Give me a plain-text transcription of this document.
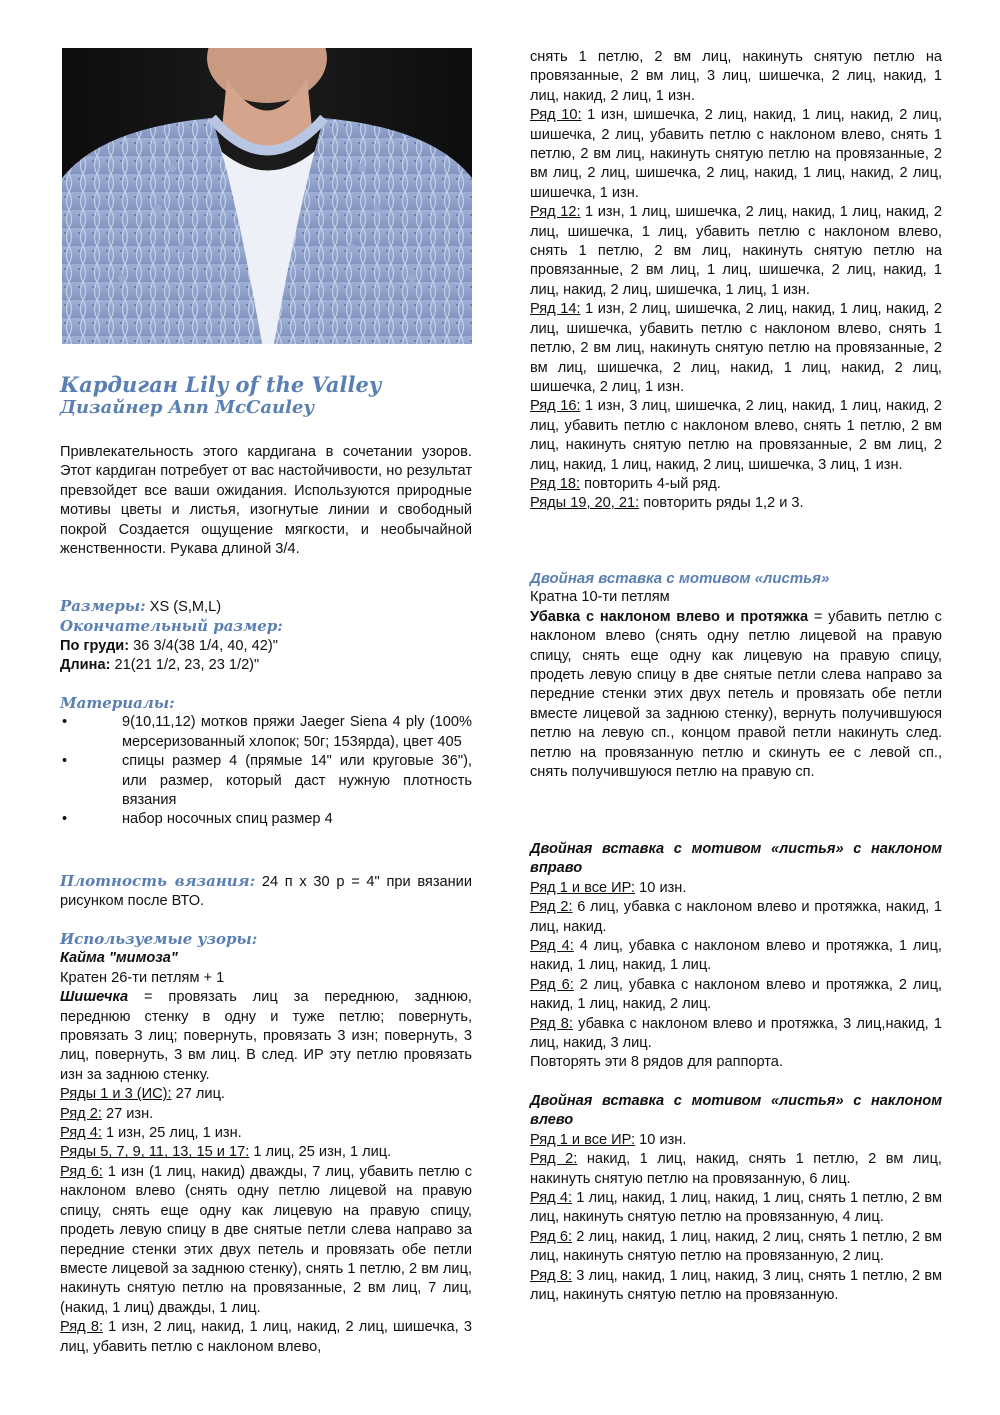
Кардиган Lily of the Valley
Дизайнер Ann McCauley

Привлекательность этого кардигана в сочетании узоров. Этот кардиган потребует от вас настойчивости, но результат превзойдет все ваши ожидания. Используются природные мотивы цветы и листья, изогнутые линии и свободный покрой Создается ощущение мягкости, и необычайной женственности. Рукава длиной 3/4.

Размеры: XS (S,M,L)
Окончательный размер:
По груди: 36 3/4(38 1/4, 40, 42)"
Длина: 21(21 1/2, 23, 23 1/2)"
Материалы:
• 9(10,11,12) мотков пряжи Jaeger Siena 4 ply (100% мерсеризованный хлопок; 50г; 153ярда), цвет 405
• спицы размер 4 (прямые 14" или круговые 36"), или размер, который даст нужную плотность вязания
• набор носочных спиц размер 4

Плотность вязания: 24 п х 30 р = 4" при вязании рисунком после ВТО.

Используемые узоры:
Кайма "мимоза"
Кратен 26-ти петлям + 1

Шишечка = провязать лиц за переднюю, заднюю, переднюю стенку в одну и туже петлю; повернуть, провязать 3 лиц; повернуть, провязать 3 изн; повернуть, 3 лиц, повернуть, 3 вм лиц. В след. ИР эту петлю провязать изн за заднюю стенку.

Ряды 1 и 3 (ИС): 27 лиц.

Ряд 2: 27 изн.

Ряд 4: 1 изн, 25 лиц, 1 изн.

Ряды 5, 7, 9, 11, 13, 15 и 17: 1 лиц, 25 изн, 1 лиц.

Ряд 6: 1 изн (1 лиц, накид) дважды, 7 лиц, убавить петлю с наклоном влево (снять одну петлю лицевой на правую спицу, снять еще одну как лицевую на правую спицу, продеть левую спицу в две снятые петли слева направо за передние стенки этих двух петель и провязать обе петли вместе лицевой за заднюю стенку), снять 1 петлю, 2 вм лиц, накинуть снятую петлю на провязанные, 2 вм лиц, 7 лиц, (накид, 1 лиц) дважды, 1 лиц.

Ряд 8: 1 изн, 2 лиц, накид, 1 лиц, накид, 2 лиц, шишечка, 3 лиц, убавить петлю с наклоном влево,

снять 1 петлю, 2 вм лиц, накинуть снятую петлю на провязанные, 2 вм лиц, 3 лиц, шишечка, 2 лиц, накид, 1 лиц, накид, 2 лиц, 1 изн.

Ряд 10: 1 изн, шишечка, 2 лиц, накид, 1 лиц, накид, 2 лиц, шишечка, 2 лиц, убавить петлю с наклоном влево, снять 1 петлю, 2 вм лиц, накинуть снятую петлю на провязанные, 2 вм лиц, 2 лиц, шишечка, 2 лиц, накид, 1 лиц, накид, 2 лиц, шишечка, 1 изн.

Ряд 12: 1 изн, 1 лиц, шишечка, 2 лиц, накид, 1 лиц, накид, 2 лиц, шишечка, 1 лиц, убавить петлю с наклоном влево, снять 1 петлю, 2 вм лиц, накинуть снятую петлю на провязанные, 2 вм лиц, 1 лиц, шишечка, 2 лиц, накид, 1 лиц, накид, 2 лиц, шишечка, 1 лиц, 1 изн.

Ряд 14: 1 изн, 2 лиц, шишечка, 2 лиц, накид, 1 лиц, накид, 2 лиц, шишечка, убавить петлю с наклоном влево, снять 1 петлю, 2 вм лиц, накинуть снятую петлю на провязанные, 2 вм лиц, шишечка, 2 лиц, накид, 1 лиц, накид, 2 лиц, шишечка, 2 лиц, 1 изн.

Ряд 16: 1 изн, 3 лиц, шишечка, 2 лиц, накид, 1 лиц, накид, 2 лиц, убавить петлю с наклоном влево, снять 1 петлю, 2 вм лиц, накинуть снятую петлю на провязанные, 2 вм лиц, 2 лиц, накид, 1 лиц, накид, 2 лиц, шишечка, 3 лиц, 1 изн.

Ряд 18: повторить 4-ый ряд.

Ряды 19, 20, 21: повторить ряды 1,2 и 3.

Двойная вставка с мотивом «листья»
Кратна 10-ти петлям

Убавка с наклоном влево и протяжка = убавить петлю с наклоном влево (снять одну петлю лицевой на правую спицу, снять еще одну как лицевую на правую спицу, продеть левую спицу в две снятые петли слева направо за передние стенки этих двух петель и провязать обе петли вместе лицевой за заднюю стенку), вернуть получившуюся петлю на левую сп., концом правой петли накинуть след. петлю на провязанную петлю и скинуть ее с левой сп., снять получившуюся петлю на правую сп.

Двойная вставка с мотивом «листья» с наклоном вправо

Ряд 1 и все ИР: 10 изн.

Ряд 2: 6 лиц, убавка с наклоном влево и протяжка, накид, 1 лиц, накид.

Ряд 4: 4 лиц, убавка с наклоном влево и протяжка, 1 лиц, накид, 1 лиц, накид, 1 лиц.

Ряд 6: 2 лиц, убавка с наклоном влево и протяжка, 2 лиц, накид, 1 лиц, накид, 2 лиц.

Ряд 8: убавка с наклоном влево и протяжка, 3 лиц,накид, 1 лиц, накид, 3 лиц.

Повторять эти 8 рядов для раппорта.

Двойная вставка с мотивом «листья» с наклоном влево

Ряд 1 и все ИР: 10 изн.

Ряд 2: накид, 1 лиц, накид, снять 1 петлю, 2 вм лиц, накинуть снятую петлю на провязанную, 6 лиц.

Ряд 4: 1 лиц, накид, 1 лиц, накид, 1 лиц, снять 1 петлю, 2 вм лиц, накинуть снятую петлю на провязанную, 4 лиц.

Ряд 6: 2 лиц, накид, 1 лиц, накид, 2 лиц, снять 1 петлю, 2 вм лиц, накинуть снятую петлю на провязанную, 2 лиц.

Ряд 8: 3 лиц, накид, 1 лиц, накид, 3 лиц, снять 1 петлю, 2 вм лиц, накинуть снятую петлю на провязанную.
